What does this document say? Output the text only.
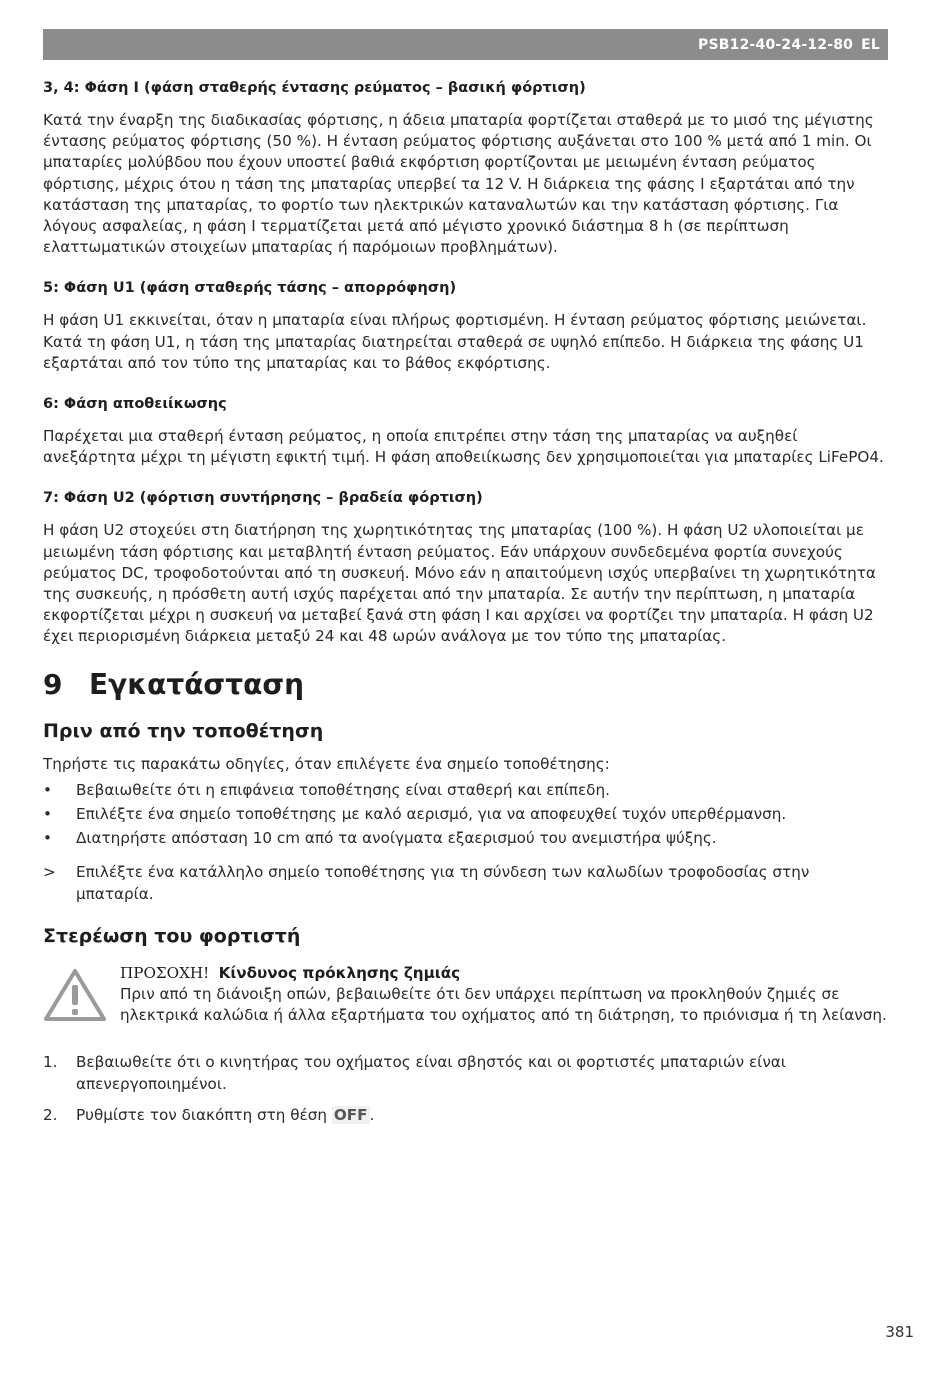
PSB12-40-24-12-80 EL
3, 4: Φάση I (φάση σταθερής έντασης ρεύματος – βασική φόρτιση)

Κατά την έναρξη της διαδικασίας φόρτισης, η άδεια μπαταρία φορτίζεται σταθερά με το μισό της μέγιστης έντασης ρεύματος φόρτισης (50 %). Η ένταση ρεύματος φόρτισης αυξάνεται στο 100 % μετά από 1 min. Οι μπαταρίες μολύβδου που έχουν υποστεί βαθιά εκφόρτιση φορτίζονται με μειωμένη ένταση ρεύματος φόρτισης, μέχρις ότου η τάση της μπαταρίας υπερβεί τα 12 V. Η διάρκεια της φάσης I εξαρτάται από την κατάσταση της μπαταρίας, το φορτίο των ηλεκτρικών καταναλωτών και την κατάσταση φόρτισης. Για λόγους ασφαλείας, η φάση I τερματίζεται μετά από μέγιστο χρονικό διάστημα 8 h (σε περίπτωση ελαττωματικών στοιχείων μπαταρίας ή παρόμοιων προβλημάτων).

5: Φάση U1 (φάση σταθερής τάσης – απορρόφηση)

Η φάση U1 εκκινείται, όταν η μπαταρία είναι πλήρως φορτισμένη. Η ένταση ρεύματος φόρτισης μειώνεται. Κατά τη φάση U1, η τάση της μπαταρίας διατηρείται σταθερά σε υψηλό επίπεδο. Η διάρκεια της φάσης U1 εξαρτάται από τον τύπο της μπαταρίας και το βάθος εκφόρτισης.

6: Φάση αποθειίκωσης

Παρέχεται μια σταθερή ένταση ρεύματος, η οποία επιτρέπει στην τάση της μπαταρίας να αυξηθεί ανεξάρτητα μέχρι τη μέγιστη εφικτή τιμή. Η φάση αποθειίκωσης δεν χρησιμοποιείται για μπαταρίες LiFePO4.

7: Φάση U2 (φόρτιση συντήρησης – βραδεία φόρτιση)

Η φάση U2 στοχεύει στη διατήρηση της χωρητικότητας της μπαταρίας (100 %). Η φάση U2 υλοποιείται με μειωμένη τάση φόρτισης και μεταβλητή ένταση ρεύματος. Εάν υπάρχουν συνδεδεμένα φορτία συνεχούς ρεύματος DC, τροφοδοτούνται από τη συσκευή. Μόνο εάν η απαιτούμενη ισχύς υπερβαίνει τη χωρητικότητα της συσκευής, η πρόσθετη αυτή ισχύς παρέχεται από την μπαταρία. Σε αυτήν την περίπτωση, η μπαταρία εκφορτίζεται μέχρι η συσκευή να μεταβεί ξανά στη φάση I και αρχίσει να φορτίζει την μπαταρία. Η φάση U2 έχει περιορισμένη διάρκεια μεταξύ 24 και 48 ωρών ανάλογα με τον τύπο της μπαταρίας.

9 Εγκατάσταση
Πριν από την τοποθέτηση

Τηρήστε τις παρακάτω οδηγίες, όταν επιλέγετε ένα σημείο τοποθέτησης:

• Βεβαιωθείτε ότι η επιφάνεια τοποθέτησης είναι σταθερή και επίπεδη.
• Επιλέξτε ένα σημείο τοποθέτησης με καλό αερισμό, για να αποφευχθεί τυχόν υπερθέρμανση.
• Διατηρήστε απόσταση 10 cm από τα ανοίγματα εξαερισμού του ανεμιστήρα ψύξης.
> Επιλέξτε ένα κατάλληλο σημείο τοποθέτησης για τη σύνδεση των καλωδίων τροφοδοσίας στην μπαταρία.
Στερέωση του φορτιστή
ΠΡΟΣΟΧΗ! Κίνδυνος πρόκλησης ζημιάς
Πριν από τη διάνοιξη οπών, βεβαιωθείτε ότι δεν υπάρχει περίπτωση να προκληθούν ζημιές σε ηλεκτρικά καλώδια ή άλλα εξαρτήματα του οχήματος από τη διάτρηση, το πριόνισμα ή τη λείανση.
1. Βεβαιωθείτε ότι ο κινητήρας του οχήματος είναι σβηστός και οι φορτιστές μπαταριών είναι απενεργοποιημένοι.
2. Ρυθμίστε τον διακόπτη στη θέση OFF .
381
